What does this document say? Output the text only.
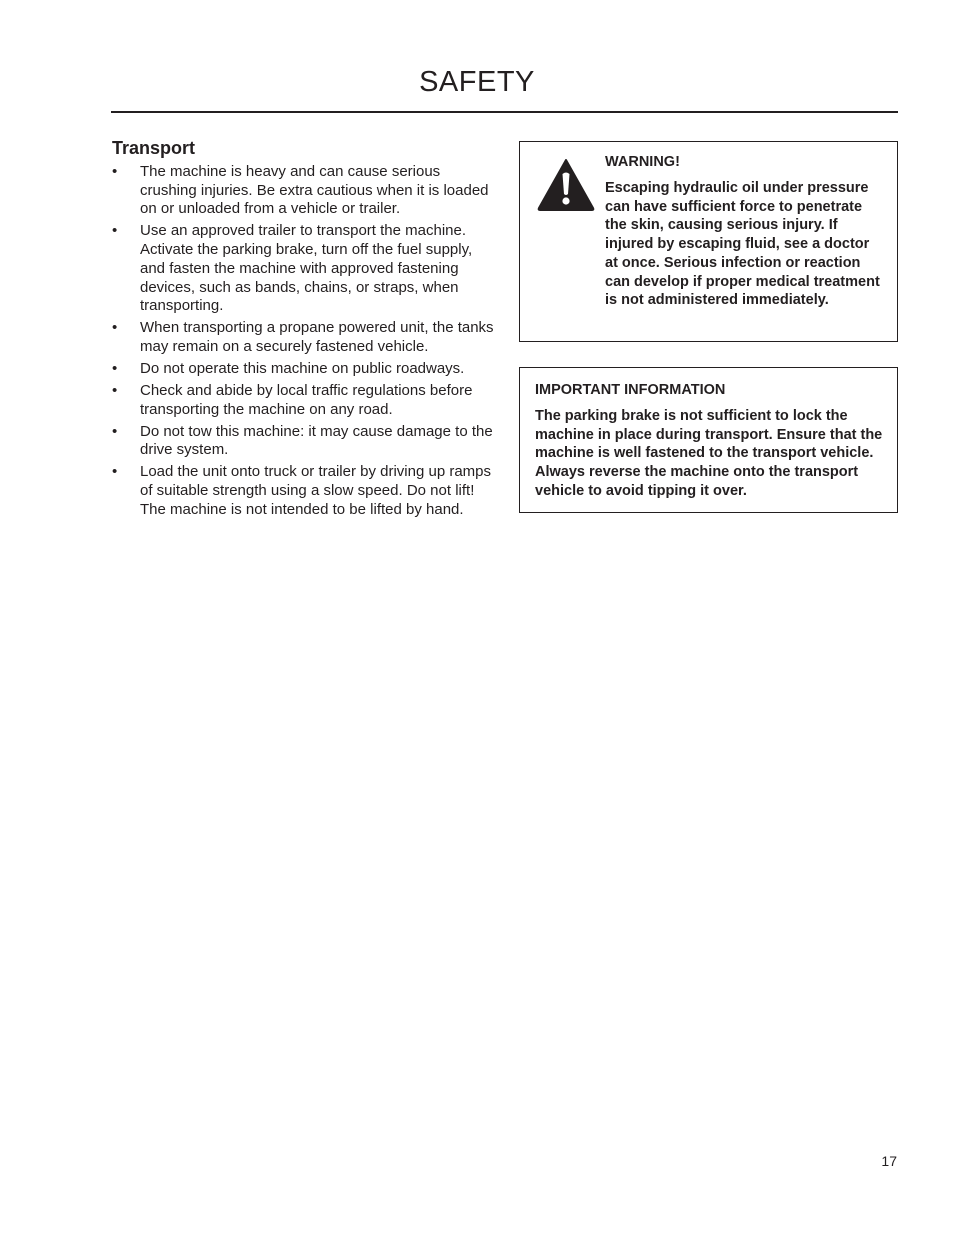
SAFETY
Transport
• The machine is heavy and can cause serious crushing injuries. Be extra cautious when it is loaded on or unloaded from a vehicle or trailer.
• Use an approved trailer to transport the machine. Activate the parking brake, turn off the fuel supply, and fasten the machine with approved fastening devices, such as bands, chains, or straps, when transporting.
• When transporting a propane powered unit, the tanks may remain on a securely fastened vehicle.
• Do not operate this machine on public roadways.
• Check and abide by local traffic regulations before transporting the machine on any road.
• Do not tow this machine: it may cause damage to the drive system.
• Load the unit onto truck or trailer by driving up ramps of suitable strength using a slow speed. Do not lift! The machine is not intended to be lifted by hand.
WARNING!
Escaping hydraulic oil under pressure can have sufficient force to penetrate the skin, causing serious injury. If injured by escaping fluid, see a doctor at once. Serious infection or reaction can develop if proper medical treatment is not administered immediately.
IMPORTANT INFORMATION
The parking brake is not sufficient to lock the machine in place during transport. Ensure that the machine is well fastened to the transport vehicle. Always reverse the machine onto the transport vehicle to avoid tipping it over.
17
